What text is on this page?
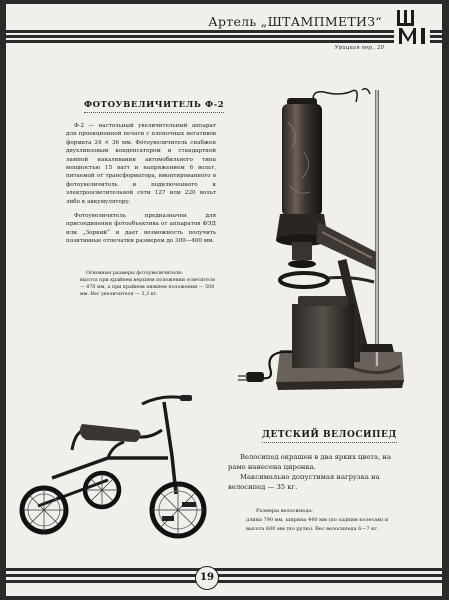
Артель „ШТАМПМЕТИЗ“
Урицкая пер., 20
ФОТОУВЕЛИЧИТЕЛЬ Ф-2

Ф-2 — настольный увеличительный аппарат для проекционной печати с пленочных негативов формата 24 × 36 мм. Фотоувеличитель снабжен двухлинзовым конденсатором и стандартной лампой накаливания автомобильного типа мощностью 15 ватт и напряжением 6 вольт, питаемой от трансформатора, вмонтированного в фотоувеличитель и подключенного к электроосветительной сети 127 или 220 вольт либо к аккумулятору.

Фотоувеличитель предназначен для присоединения фотообъектива от аппаратов ФЭД или „Зоркий“ и дает возможность получить позитивные отпечатки размером до 300—400 мм.

Основные размеры фотоувеличителя:
высота при крайнем верхнем положении осветителя — 870 мм, а при крайнем нижнем положении — 500 мм. Вес увеличителя — 3,3 кг.
ДЕТСКИЙ ВЕЛОСИПЕД
Велосипед окрашен в два ярких цвета, на раме нанесена циронка.
Максимально допустимая нагрузка на велосипед — 35 кг.
Размеры велосипеда:
длина 790 мм, ширина 440 мм (по задним колесам) и высота 600 мм (по рулю). Вес велосипеда 6—7 кг.
19
